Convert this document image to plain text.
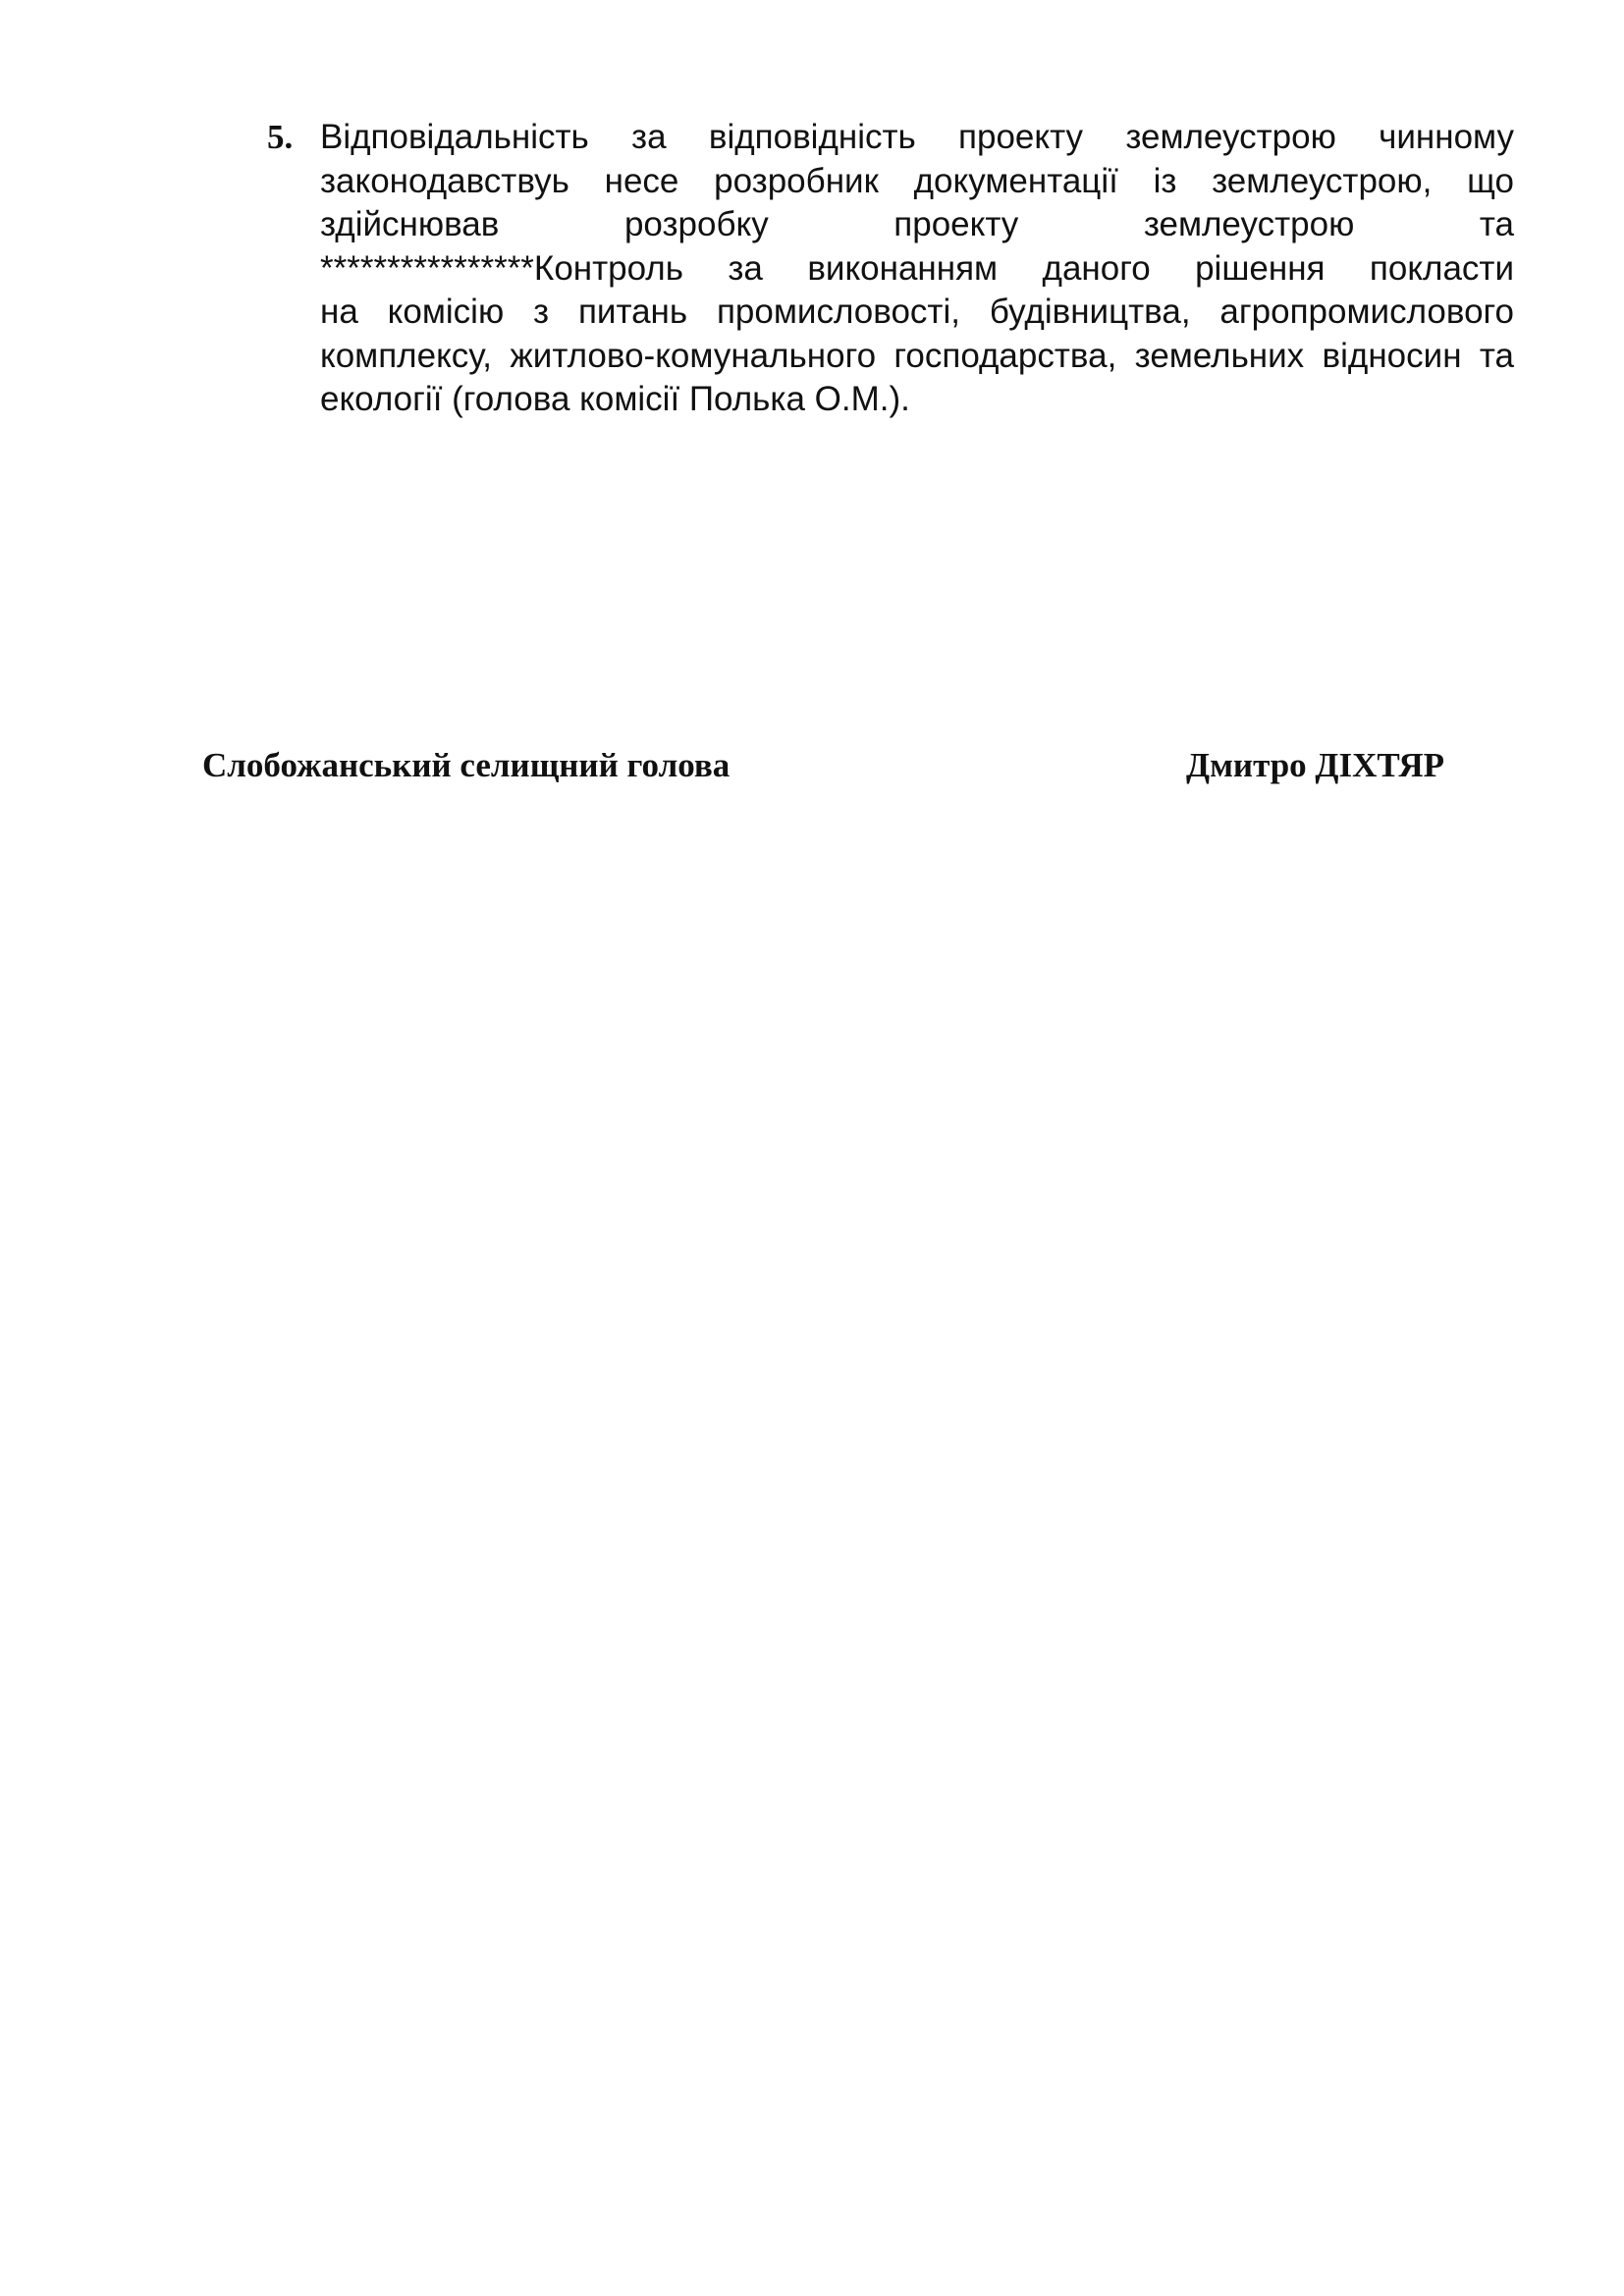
5. Відповідальність за відповідність проекту землеустрою чинному
законодавствуь несе розробник документації із землеустрою, що
здійснював розробку проекту землеустрою та
****************Контроль за виконанням даного рішення покласти
на комісію з питань промисловості, будівництва, агропромислового
комплексу, житлово-комунального господарства, земельних відносин та
екології (голова комісії Полька О.М.).
Слобожанський селищний голова	Дмитро ДІХТЯР
